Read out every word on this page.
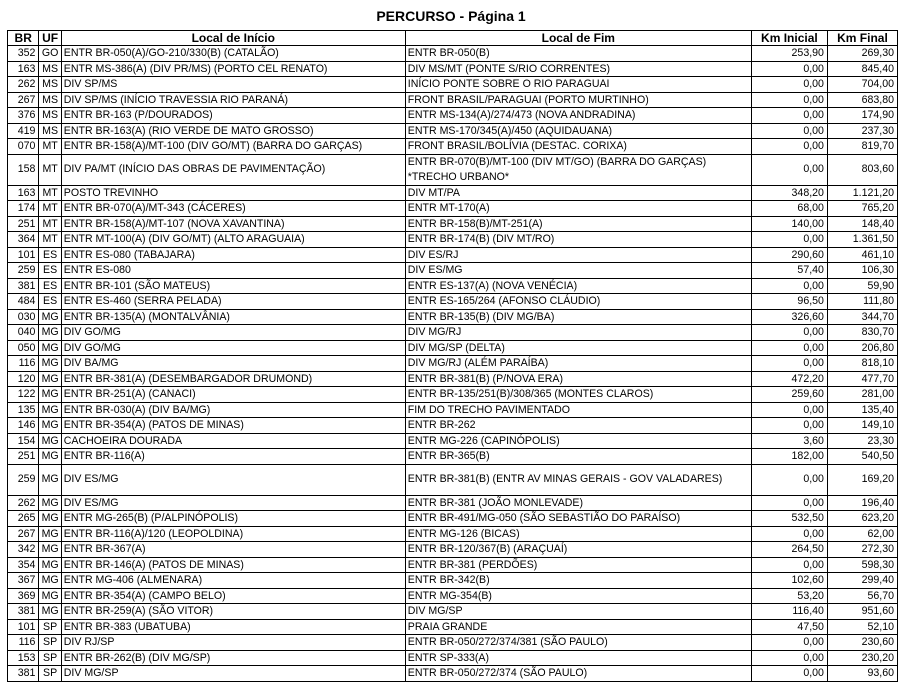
PERCURSO - Página 1
BR	UF	Local de Início	Local de Fim	Km Inicial	Km Final
352	GO	ENTR BR-050(A)/GO-210/330(B) (CATALÃO)	ENTR BR-050(B)	253,90	269,30
163	MS	ENTR MS-386(A) (DIV PR/MS) (PORTO CEL RENATO)	DIV MS/MT (PONTE S/RIO CORRENTES)	0,00	845,40
262	MS	DIV SP/MS	INÍCIO PONTE SOBRE O RIO PARAGUAI	0,00	704,00
267	MS	DIV SP/MS (INÍCIO TRAVESSIA RIO PARANÁ)	FRONT BRASIL/PARAGUAI (PORTO MURTINHO)	0,00	683,80
376	MS	ENTR BR-163 (P/DOURADOS)	ENTR MS-134(A)/274/473 (NOVA ANDRADINA)	0,00	174,90
419	MS	ENTR BR-163(A) (RIO VERDE DE MATO GROSSO)	ENTR MS-170/345(A)/450 (AQUIDAUANA)	0,00	237,30
070	MT	ENTR BR-158(A)/MT-100 (DIV GO/MT) (BARRA DO GARÇAS)	FRONT BRASIL/BOLÍVIA (DESTAC. CORIXA)	0,00	819,70
158	MT	DIV PA/MT (INÍCIO DAS OBRAS DE PAVIMENTAÇÃO)	ENTR BR-070(B)/MT-100 (DIV MT/GO) (BARRA DO GARÇAS) *TRECHO URBANO*	0,00	803,60
163	MT	POSTO TREVINHO	DIV MT/PA	348,20	1.121,20
174	MT	ENTR BR-070(A)/MT-343 (CÁCERES)	ENTR MT-170(A)	68,00	765,20
251	MT	ENTR BR-158(A)/MT-107 (NOVA XAVANTINA)	ENTR BR-158(B)/MT-251(A)	140,00	148,40
364	MT	ENTR MT-100(A) (DIV GO/MT) (ALTO ARAGUAIA)	ENTR BR-174(B) (DIV MT/RO)	0,00	1.361,50
101	ES	ENTR ES-080 (TABAJARA)	DIV ES/RJ	290,60	461,10
259	ES	ENTR ES-080	DIV ES/MG	57,40	106,30
381	ES	ENTR BR-101 (SÃO MATEUS)	ENTR ES-137(A) (NOVA VENÉCIA)	0,00	59,90
484	ES	ENTR ES-460 (SERRA PELADA)	ENTR ES-165/264 (AFONSO CLÁUDIO)	96,50	111,80
030	MG	ENTR BR-135(A) (MONTALVÂNIA)	ENTR BR-135(B) (DIV MG/BA)	326,60	344,70
040	MG	DIV GO/MG	DIV MG/RJ	0,00	830,70
050	MG	DIV GO/MG	DIV MG/SP (DELTA)	0,00	206,80
116	MG	DIV BA/MG	DIV MG/RJ (ALÉM PARAÍBA)	0,00	818,10
120	MG	ENTR BR-381(A) (DESEMBARGADOR DRUMOND)	ENTR BR-381(B) (P/NOVA ERA)	472,20	477,70
122	MG	ENTR BR-251(A) (CANACI)	ENTR BR-135/251(B)/308/365 (MONTES CLAROS)	259,60	281,00
135	MG	ENTR BR-030(A) (DIV BA/MG)	FIM DO TRECHO PAVIMENTADO	0,00	135,40
146	MG	ENTR BR-354(A) (PATOS DE MINAS)	ENTR BR-262	0,00	149,10
154	MG	CACHOEIRA DOURADA	ENTR MG-226 (CAPINÓPOLIS)	3,60	23,30
251	MG	ENTR BR-116(A)	ENTR BR-365(B)	182,00	540,50
259	MG	DIV ES/MG	ENTR BR-381(B) (ENTR AV MINAS GERAIS - GOV VALADARES)	0,00	169,20
262	MG	DIV ES/MG	ENTR BR-381 (JOÃO MONLEVADE)	0,00	196,40
265	MG	ENTR MG-265(B) (P/ALPINÓPOLIS)	ENTR BR-491/MG-050 (SÃO SEBASTIÃO DO PARAÍSO)	532,50	623,20
267	MG	ENTR BR-116(A)/120 (LEOPOLDINA)	ENTR MG-126 (BICAS)	0,00	62,00
342	MG	ENTR BR-367(A)	ENTR BR-120/367(B) (ARAÇUAÍ)	264,50	272,30
354	MG	ENTR BR-146(A) (PATOS DE MINAS)	ENTR BR-381 (PERDÕES)	0,00	598,30
367	MG	ENTR MG-406 (ALMENARA)	ENTR BR-342(B)	102,60	299,40
369	MG	ENTR BR-354(A) (CAMPO BELO)	ENTR MG-354(B)	53,20	56,70
381	MG	ENTR BR-259(A) (SÃO VITOR)	DIV MG/SP	116,40	951,60
101	SP	ENTR BR-383 (UBATUBA)	PRAIA GRANDE	47,50	52,10
116	SP	DIV RJ/SP	ENTR BR-050/272/374/381 (SÃO PAULO)	0,00	230,60
153	SP	ENTR BR-262(B) (DIV MG/SP)	ENTR SP-333(A)	0,00	230,20
381	SP	DIV MG/SP	ENTR BR-050/272/374 (SÃO PAULO)	0,00	93,60
